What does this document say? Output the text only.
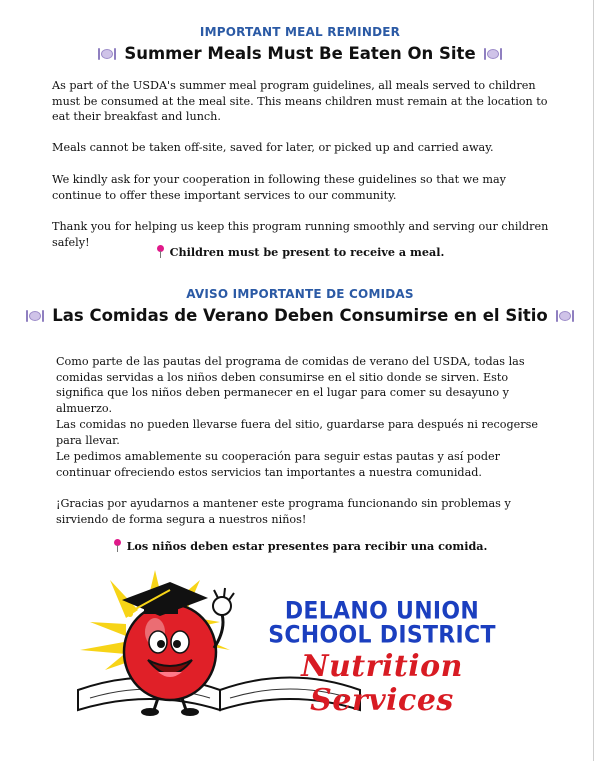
IMPORTANT MEAL REMINDER
Summer Meals Must Be Eaten On Site

As part of the USDA's summer meal program guidelines, all meals served to children must be consumed at the meal site. This means children must remain at the location to eat their breakfast and lunch.

Meals cannot be taken off-site, saved for later, or picked up and carried away.

We kindly ask for your cooperation in following these guidelines so that we may continue to offer these important services to our community.

Thank you for helping us keep this program running smoothly and serving our children safely!

Children must be present to receive a meal.
AVISO IMPORTANTE DE COMIDAS
Las Comidas de Verano Deben Consumirse en el Sitio

Como parte de las pautas del programa de comidas de verano del USDA, todas las comidas servidas a los niños deben consumirse en el sitio donde se sirven. Esto significa que los niños deben permanecer en el lugar para comer su desayuno y almuerzo.

Las comidas no pueden llevarse fuera del sitio, guardarse para después ni recogerse para llevar.

Le pedimos amablemente su cooperación para seguir estas pautas y así poder continuar ofreciendo estos servicios tan importantes a nuestra comunidad.

¡Gracias por ayudarnos a mantener este programa funcionando sin problemas y sirviendo de forma segura a nuestros niños!

Los niños deben estar presentes para recibir una comida.
DELANO UNION
SCHOOL DISTRICT
Nutrition Services
